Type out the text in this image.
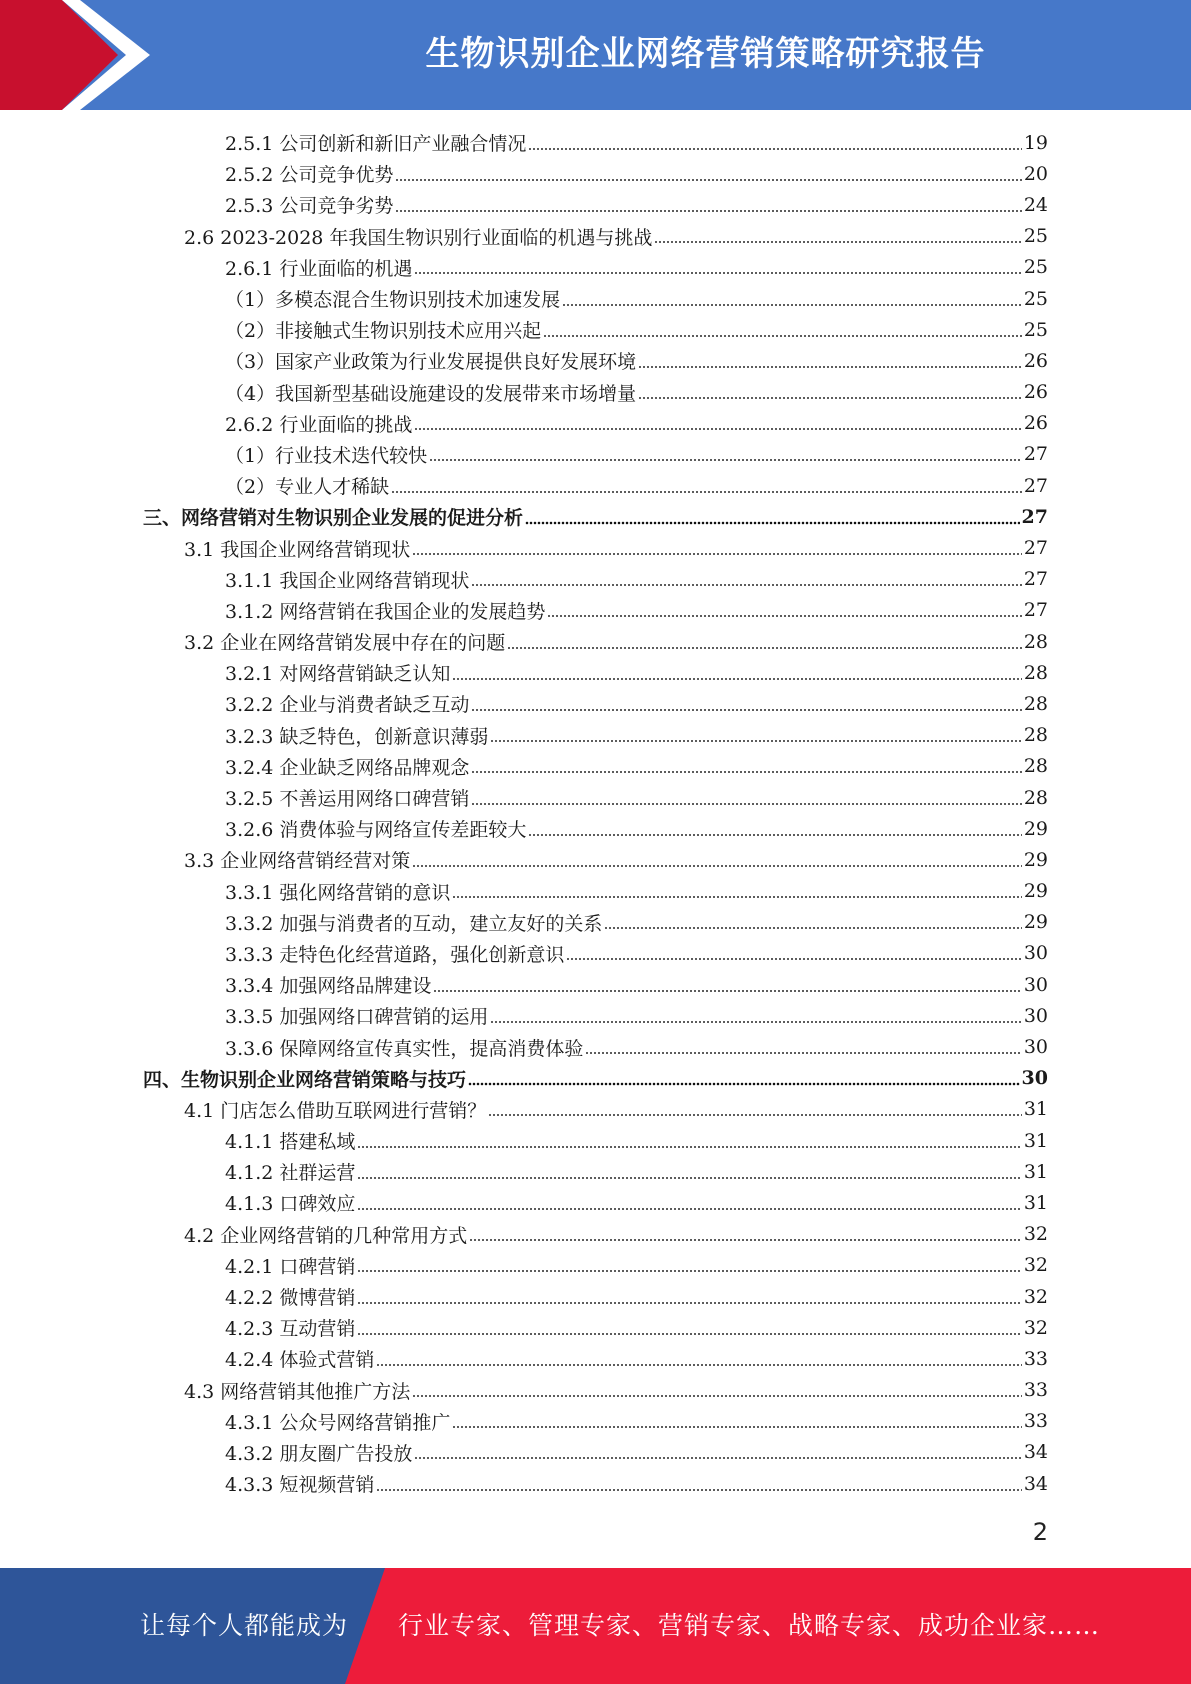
生物识别企业网络营销策略研究报告
2.5.1 公司创新和新旧产业融合情况	19
2.5.2 公司竞争优势	20
2.5.3 公司竞争劣势	24
2.6 2023-2028 年我国生物识别行业面临的机遇与挑战	25
2.6.1 行业面临的机遇	25
（1）多模态混合生物识别技术加速发展	25
（2）非接触式生物识别技术应用兴起	25
（3）国家产业政策为行业发展提供良好发展环境	26
（4）我国新型基础设施建设的发展带来市场增量	26
2.6.2 行业面临的挑战	26
（1）行业技术迭代较快	27
（2）专业人才稀缺	27
三、网络营销对生物识别企业发展的促进分析	27
3.1 我国企业网络营销现状	27
3.1.1 我国企业网络营销现状	27
3.1.2 网络营销在我国企业的发展趋势	27
3.2 企业在网络营销发展中存在的问题	28
3.2.1 对网络营销缺乏认知	28
3.2.2 企业与消费者缺乏互动	28
3.2.3 缺乏特色，创新意识薄弱	28
3.2.4 企业缺乏网络品牌观念	28
3.2.5 不善运用网络口碑营销	28
3.2.6 消费体验与网络宣传差距较大	29
3.3 企业网络营销经营对策	29
3.3.1 强化网络营销的意识	29
3.3.2 加强与消费者的互动，建立友好的关系	29
3.3.3 走特色化经营道路，强化创新意识	30
3.3.4 加强网络品牌建设	30
3.3.5 加强网络口碑营销的运用	30
3.3.6 保障网络宣传真实性，提高消费体验	30
四、生物识别企业网络营销策略与技巧	30
4.1 门店怎么借助互联网进行营销？	31
4.1.1 搭建私域	31
4.1.2 社群运营	31
4.1.3 口碑效应	31
4.2 企业网络营销的几种常用方式	32
4.2.1 口碑营销	32
4.2.2 微博营销	32
4.2.3 互动营销	32
4.2.4 体验式营销	33
4.3 网络营销其他推广方法	33
4.3.1 公众号网络营销推广	33
4.3.2 朋友圈广告投放	34
4.3.3 短视频营销	34
2
让每个人都能成为 行业专家、管理专家、营销专家、战略专家、成功企业家……
